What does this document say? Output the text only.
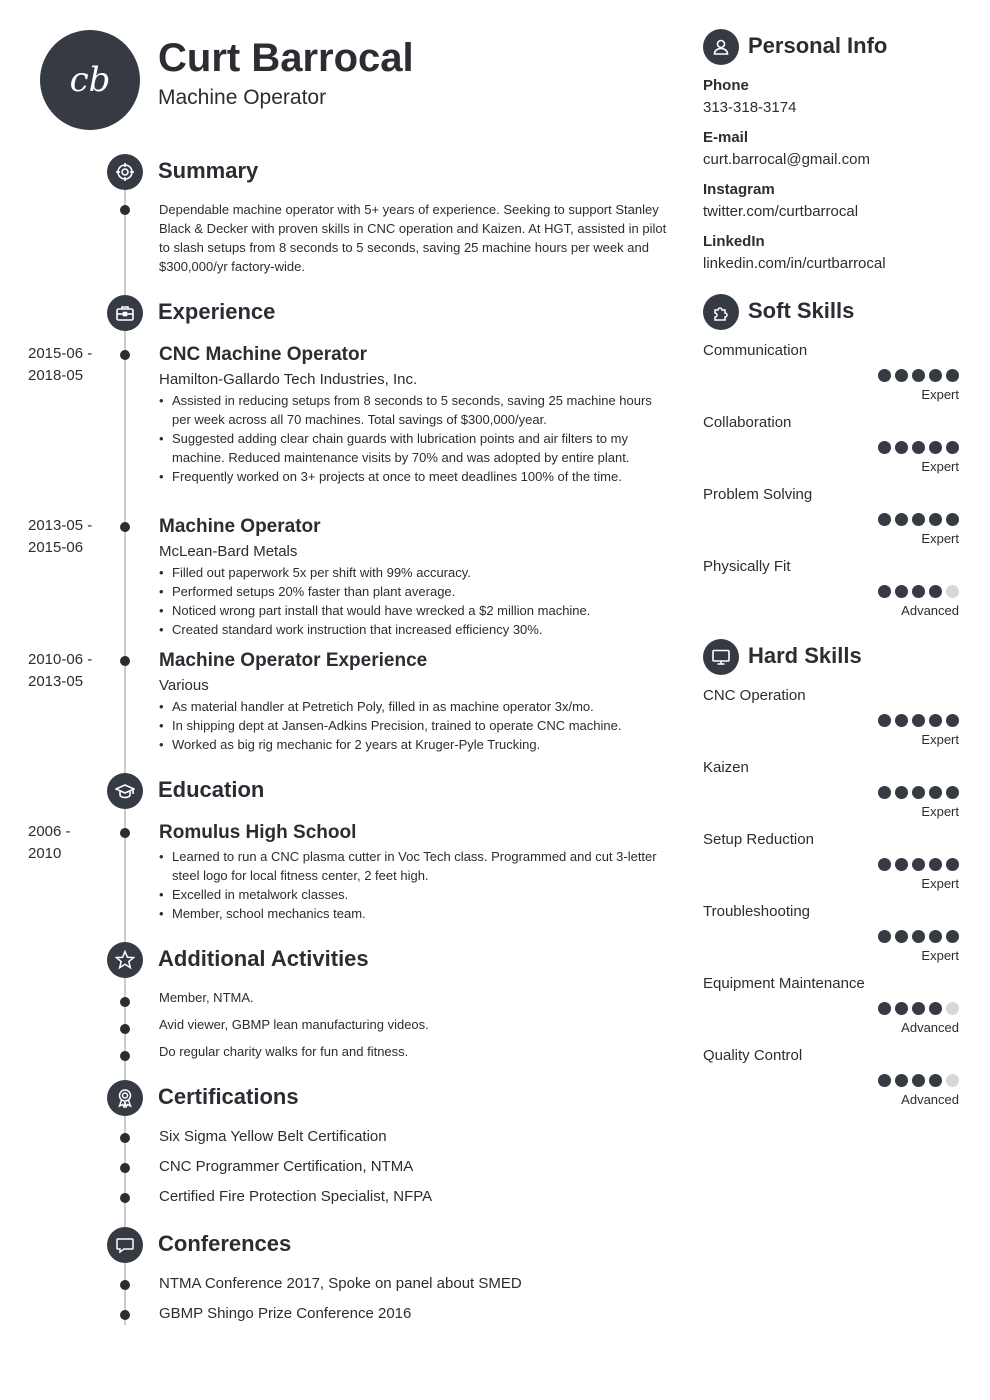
cb Curt Barrocal
Machine Operator
Summary
Dependable machine operator with 5+ years of experience. Seeking to support Stanley Black & Decker with proven skills in CNC operation and Kaizen. At HGT, assisted in pilot to slash setups from 8 seconds to 5 seconds, saving 25 machine hours per week and $300,000/yr factory-wide.
Experience
2015-06 -
2018-05
CNC Machine Operator
Hamilton-Gallardo Tech Industries, Inc.
• Assisted in reducing setups from 8 seconds to 5 seconds, saving 25 machine hours per week across all 70 machines. Total savings of $300,000/year.
• Suggested adding clear chain guards with lubrication points and air filters to my machine. Reduced maintenance visits by 70% and was adopted by entire plant.
• Frequently worked on 3+ projects at once to meet deadlines 100% of the time.
2013-05 -
2015-06
Machine Operator
McLean-Bard Metals
• Filled out paperwork 5x per shift with 99% accuracy.
• Performed setups 20% faster than plant average.
• Noticed wrong part install that would have wrecked a $2 million machine.
• Created standard work instruction that increased efficiency 30%.
2010-06 -
2013-05
Machine Operator Experience
Various
• As material handler at Petretich Poly, filled in as machine operator 3x/mo.
• In shipping dept at Jansen-Adkins Precision, trained to operate CNC machine.
• Worked as big rig mechanic for 2 years at Kruger-Pyle Trucking.
Education
2006 -
2010
Romulus High School
• Learned to run a CNC plasma cutter in Voc Tech class. Programmed and cut 3-letter steel logo for local fitness center, 2 feet high.
• Excelled in metalwork classes.
• Member, school mechanics team.
Additional Activities
Member, NTMA.
Avid viewer, GBMP lean manufacturing videos.
Do regular charity walks for fun and fitness.
Certifications
Six Sigma Yellow Belt Certification
CNC Programmer Certification, NTMA
Certified Fire Protection Specialist, NFPA
Conferences
NTMA Conference 2017, Spoke on panel about SMED
GBMP Shingo Prize Conference 2016
Personal Info
Phone
313-318-3174
E-mail
curt.barrocal@gmail.com
Instagram
twitter.com/curtbarrocal
LinkedIn
linkedin.com/in/curtbarrocal
Soft Skills
Communication
Expert
Collaboration
Expert
Problem Solving
Expert
Physically Fit
Advanced
Hard Skills
CNC Operation
Expert
Kaizen
Expert
Setup Reduction
Expert
Troubleshooting
Expert
Equipment Maintenance
Advanced
Quality Control
Advanced
